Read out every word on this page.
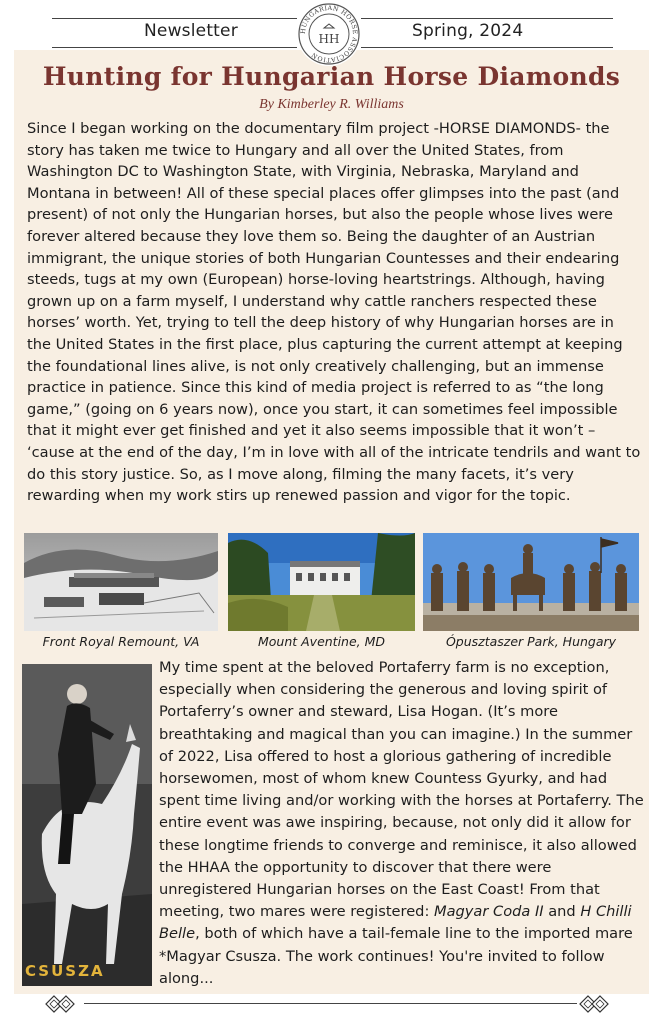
Newsletter	Spring, 2024
HUNGARIAN HORSE ASSOCIATION
HH
Hunting for Hungarian Horse Diamonds
By Kimberley R. Williams

Since I began working on the documentary film project -HORSE DIAMONDS- the story has taken me twice to Hungary and all over the United States, from Washington DC to Washington State, with Virginia, Nebraska, Maryland and Montana in between! All of these special places offer glimpses into the past (and present) of not only the Hungarian horses, but also the people whose lives were forever altered because they love them so. Being the daughter of an Austrian immigrant, the unique stories of both Hungarian Countesses and their endearing steeds, tugs at my own (European) horse-loving heartstrings. Although, having grown up on a farm myself, I understand why cattle ranchers respected these horses’ worth. Yet, trying to tell the deep history of why Hungarian horses are in the United States in the first place, plus capturing the current attempt at keeping the foundational lines alive, is not only creatively challenging, but an immense practice in patience. Since this kind of media project is referred to as “the long game,” (going on 6 years now), once you start, it can sometimes feel impossible that it might ever get finished and yet it also seems impossible that it won’t – ‘cause at the end of the day, I’m in love with all of the intricate tendrils and want to do this story justice. So, as I move along, filming the many facets, it’s very rewarding when my work stirs up renewed passion and vigor for the topic.

Front Royal Remount, VA	Mount Aventine, MD	Ópusztaszer Park, Hungary
CSUSZA

My time spent at the beloved Portaferry farm is no exception, especially when considering the generous and loving spirit of Portaferry’s owner and steward, Lisa Hogan. (It’s more breathtaking and magical than you can imagine.) In the summer of 2022, Lisa offered to host a glorious gathering of incredible horsewomen, most of whom knew Countess Gyurky, and had spent time living and/or working with the horses at Portaferry. The entire event was awe inspiring, because, not only did it allow for these longtime friends to converge and reminisce, it also allowed the HHAA the opportunity to discover that there were unregistered Hungarian horses on the East Coast! From that meeting, two mares were registered: Magyar Coda II and H Chilli Belle, both of which have a tail-female line to the imported mare *Magyar Csusza. The work continues! You're invited to follow along...
